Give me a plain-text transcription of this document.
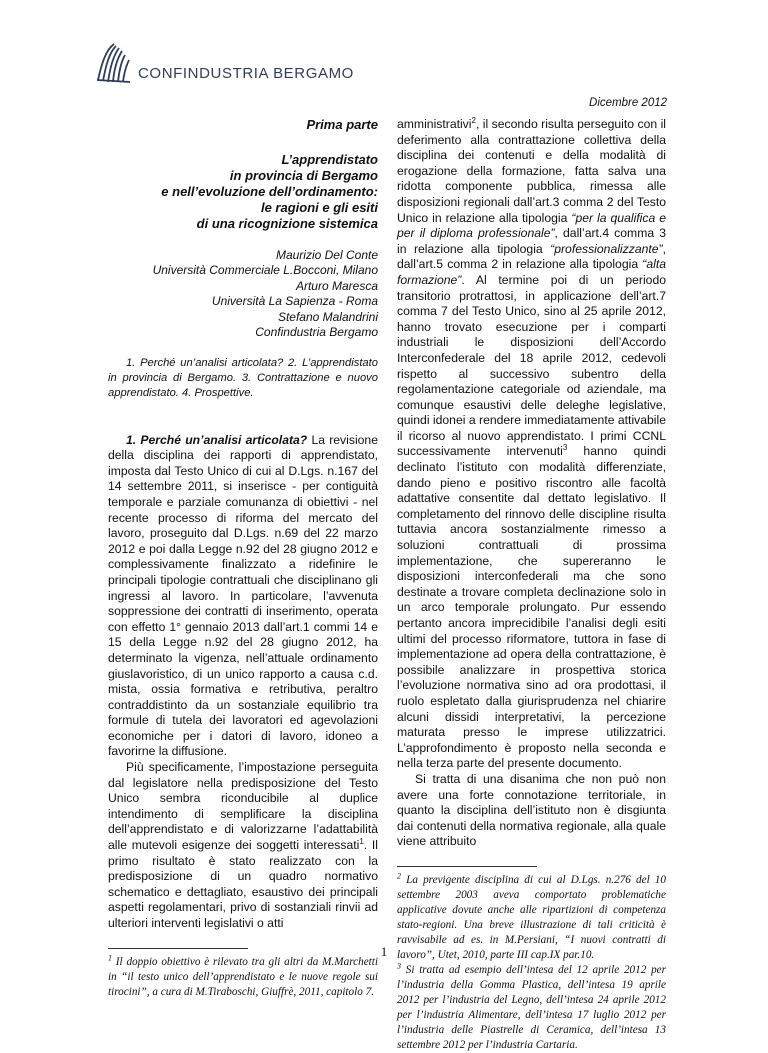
CONFINDUSTRIA BERGAMO
Dicembre 2012

Prima parte

L’apprendistato
in provincia di Bergamo
e nell’evoluzione dell’ordinamento:
le ragioni e gli esiti
di una ricognizione sistemica
Maurizio Del Conte
Università Commerciale L.Bocconi, Milano
Arturo Maresca
Università La Sapienza - Roma
Stefano Malandrini
Confindustria Bergamo

1. Perché un’analisi articolata? 2. L’apprendistato in provincia di Bergamo. 3. Contrattazione e nuovo apprendistato. 4. Prospettive.

1. Perché un’analisi articolata? La revisione della disciplina dei rapporti di apprendistato, imposta dal Testo Unico di cui al D.Lgs. n.167 del 14 settembre 2011, si inserisce - per contiguità temporale e parziale comunanza di obiettivi - nel recente processo di riforma del mercato del lavoro, proseguito dal D.Lgs. n.69 del 22 marzo 2012 e poi dalla Legge n.92 del 28 giugno 2012 e complessivamente finalizzato a ridefinire le principali tipologie contrattuali che disciplinano gli ingressi al lavoro. In particolare, l’avvenuta soppressione dei contratti di inserimento, operata con effetto 1° gennaio 2013 dall’art.1 commi 14 e 15 della Legge n.92 del 28 giugno 2012, ha determinato la vigenza, nell’attuale ordinamento giuslavoristico, di un unico rapporto a causa c.d. mista, ossia formativa e retributiva, peraltro contraddistinto da un sostanziale equilibrio tra formule di tutela dei lavoratori ed agevolazioni economiche per i datori di lavoro, idoneo a favorirne la diffusione.

Più specificamente, l’impostazione perseguita dal legislatore nella predisposizione del Testo Unico sembra riconducibile al duplice intendimento di semplificare la disciplina dell’apprendistato e di valorizzarne l’adattabilità alle mutevoli esigenze dei soggetti interessati$^1$. Il primo risultato è stato realizzato con la predisposizione di un quadro normativo schematico e dettagliato, esaustivo dei principali aspetti regolamentari, privo di sostanziali rinvii ad ulteriori interventi legislativi o atti

$^1$ Il doppio obiettivo è rilevato tra gli altri da M.Marchetti in “il testo unico dell’apprendistato e le nuove regole sui tirocini”, a cura di M.Tiraboschi, Giuffrè, 2011, capitolo 7.

amministrativi$^2$, il secondo risulta perseguito con il deferimento alla contrattazione collettiva della disciplina dei contenuti e della modalità di erogazione della formazione, fatta salva una ridotta componente pubblica, rimessa alle disposizioni regionali dall’art.3 comma 2 del Testo Unico in relazione alla tipologia “per la qualifica e per il diploma professionale”, dall’art.4 comma 3 in relazione alla tipologia “professionalizzante”, dall’art.5 comma 2 in relazione alla tipologia “alta formazione”. Al termine poi di un periodo transitorio protrattosi, in applicazione dell’art.7 comma 7 del Testo Unico, sino al 25 aprile 2012, hanno trovato esecuzione per i comparti industriali le disposizioni dell’Accordo Interconfederale del 18 aprile 2012, cedevoli rispetto al successivo subentro della regolamentazione categoriale od aziendale, ma comunque esaustivi delle deleghe legislative, quindi idonei a rendere immediatamente attivabile il ricorso al nuovo apprendistato. I primi CCNL successivamente intervenuti$^3$ hanno quindi declinato l’istituto con modalità differenziate, dando pieno e positivo riscontro alle facoltà adattative consentite dal dettato legislativo. Il completamento del rinnovo delle discipline risulta tuttavia ancora sostanzialmente rimesso a soluzioni contrattuali di prossima implementazione, che supereranno le disposizioni interconfederali ma che sono destinate a trovare completa declinazione solo in un arco temporale prolungato. Pur essendo pertanto ancora imprecidibile l’analisi degli esiti ultimi del processo riformatore, tuttora in fase di implementazione ad opera della contrattazione, è possibile analizzare in prospettiva storica l’evoluzione normativa sino ad ora prodottasi, il ruolo espletato dalla giurisprudenza nel chiarire alcuni dissidi interpretativi, la percezione maturata presso le imprese utilizzatrici. L’approfondimento è proposto nella seconda e nella terza parte del presente documento.

Si tratta di una disanima che non può non avere una forte connotazione territoriale, in quanto la disciplina dell’istituto non è disgiunta dai contenuti della normativa regionale, alla quale viene attribuito

$^2$ La previgente disciplina di cui al D.Lgs. n.276 del 10 settembre 2003 aveva comportato problematiche applicative dovute anche alle ripartizioni di competenza stato-regioni. Una breve illustrazione di tali criticità è ravvisabile ad es. in M.Persiani, “I nuovi contratti di lavoro”, Utet, 2010, parte III cap.IX par.10.

$^3$ Si tratta ad esempio dell’intesa del 12 aprile 2012 per l’industria della Gomma Plastica, dell’intesa 19 aprile 2012 per l’industria del Legno, dell’intesa 24 aprile 2012 per l’industria Alimentare, dell’intesa 17 luglio 2012 per l’industria delle Piastrelle di Ceramica, dell’intesa 13 settembre 2012 per l’industria Cartaria.

1
